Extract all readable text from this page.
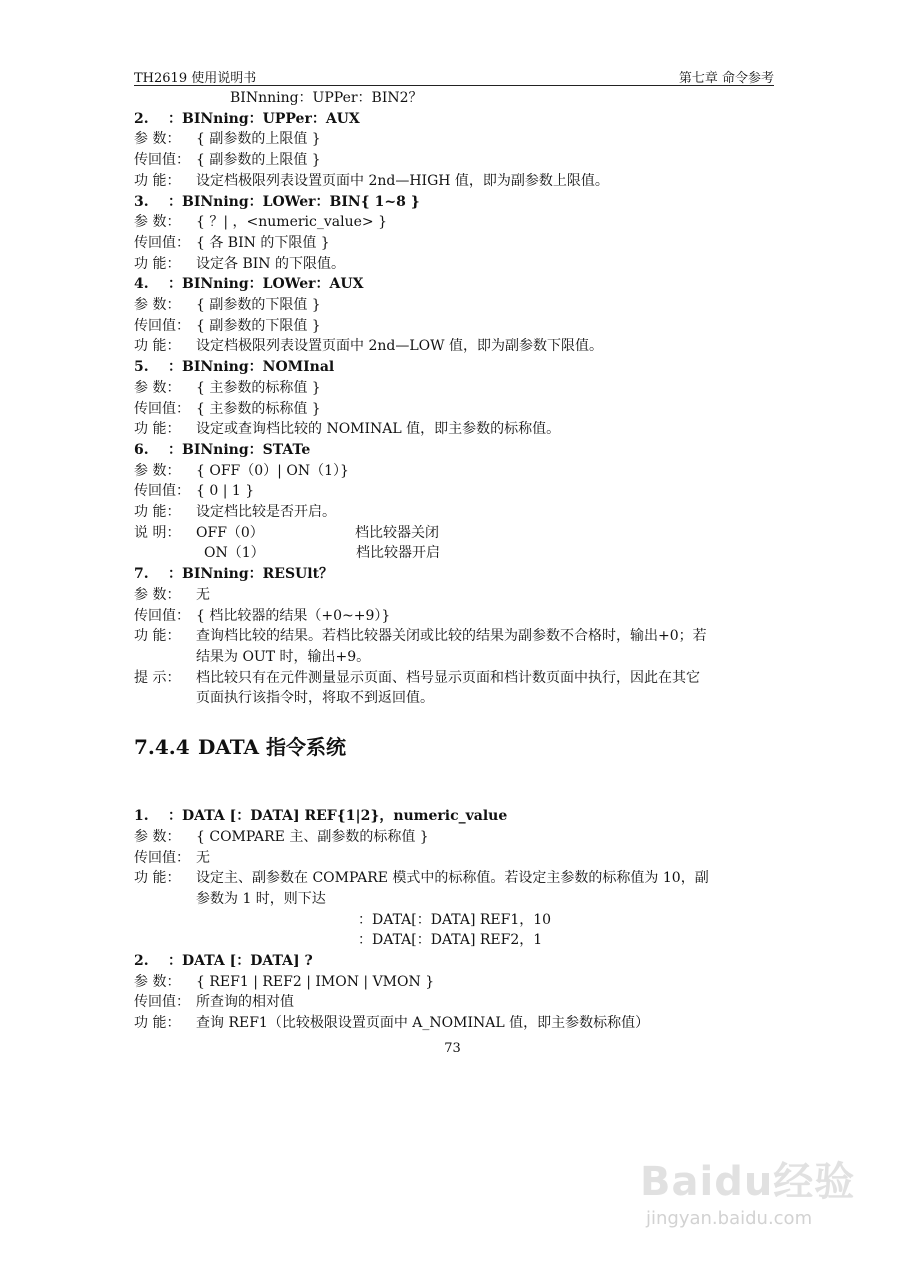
TH2619 使用说明书	第七章 命令参考
BINnning：UPPer：BIN2？
2. ：BINning：UPPer：AUX
参 数：	{ 副参数的上限值 }
传回值： { 副参数的上限值 }
功 能：	设定档极限列表设置页面中 2nd—HIGH 值，即为副参数上限值。
3. ：BINning：LOWer：BIN{ 1~8 }
参 数：	{ ？| ，<numeric_value> }
传回值： { 各 BIN 的下限值 }
功 能：	设定各 BIN 的下限值。
4. ：BINning：LOWer：AUX
参 数：	{ 副参数的下限值 }
传回值： { 副参数的下限值 }
功 能：	设定档极限列表设置页面中 2nd—LOW 值，即为副参数下限值。
5. ：BINning：NOMInal
参 数：	{ 主参数的标称值 }
传回值： { 主参数的标称值 }
功 能：	设定或查询档比较的 NOMINAL 值，即主参数的标称值。
6. ：BINning：STATe
参 数：	{ OFF（0）| ON（1）}
传回值： { 0 | 1 }
功 能：	设定档比较是否开启。
说 明：	OFF（0）	档比较器关闭
ON（1）	档比较器开启
7. ：BINning：RESUlt？
参 数：	无
传回值： { 档比较器的结果（+0~+9）}
功 能：	查询档比较的结果。若档比较器关闭或比较的结果为副参数不合格时，输出+0；若
结果为 OUT 时，输出+9。
提 示：	档比较只有在元件测量显示页面、档号显示页面和档计数页面中执行，因此在其它
页面执行该指令时，将取不到返回值。
7.4.4 DATA 指令系统
1. ：DATA [：DATA] REF{1|2}，numeric_value
参 数：	{ COMPARE 主、副参数的标称值 }
传回值： 无
功 能：	设定主、副参数在 COMPARE 模式中的标称值。若设定主参数的标称值为 10，副
参数为 1 时，则下达
：DATA[：DATA] REF1，10
：DATA[：DATA] REF2，1
2. ：DATA [：DATA] ?
参 数：	{ REF1 | REF2 | IMON | VMON }
传回值： 所查询的相对值
功 能：	查询 REF1（比较极限设置页面中 A_NOMINAL 值，即主参数标称值）
73
Baidu经验
jingyan.baidu.com
